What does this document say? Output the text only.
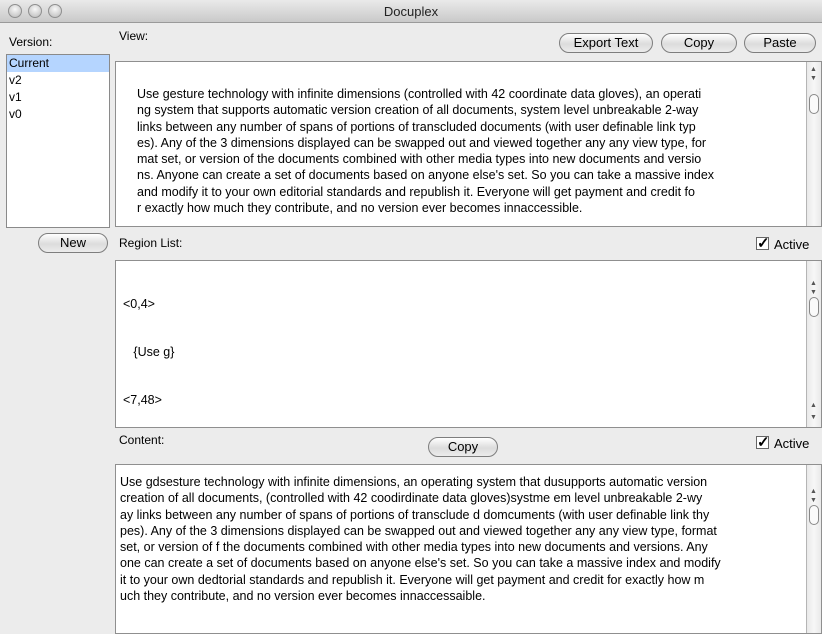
Docuplex
Version:
Current
v2
v1
v0
New
View:	Export Text	Copy	Paste
Use gesture technology with infinite dimensions (controlled with 42 coordinate data gloves), an operati
ng system that supports automatic version creation of all documents, system level unbreakable 2-way
links between any number of spans of portions of transcluded documents (with user definable link typ
es). Any of the 3 dimensions displayed can be swapped out and viewed together any any view type, for
mat set, or version of the documents combined with other media types into new documents and versio
ns. Anyone can create a set of documents based on anyone else's set. So you can take a massive index
and modify it to your own editorial standards and republish it. Everyone will get payment and credit fo
r exactly how much they contribute, and no version ever becomes innaccessible.
▲
▼
Region List:	✓ Active

<0,4>

{Use g}

<7,48>

▲
▼
▲
▼
Content:	Copy	✓ Active
Use gdsesture technology with infinite dimensions, an operating system that dusupports automatic version
creation of all documents, (controlled with 42 coodirdinate data gloves)systme em level unbreakable 2-wy
ay links between any number of spans of portions of transclude d domcuments (with user definable link thy
pes). Any of the 3 dimensions displayed can be swapped out and viewed together any any view type, format
set, or version of f the documents combined with other media types into new documents and versions. Any
one can create a set of documents based on anyone else's set. So you can take a massive index and modify
it to your own dedtorial standards and republish it. Everyone will get payment and credit for exactly how m
uch they contribute, and no version ever becomes innaccessaible.
▲
▼
